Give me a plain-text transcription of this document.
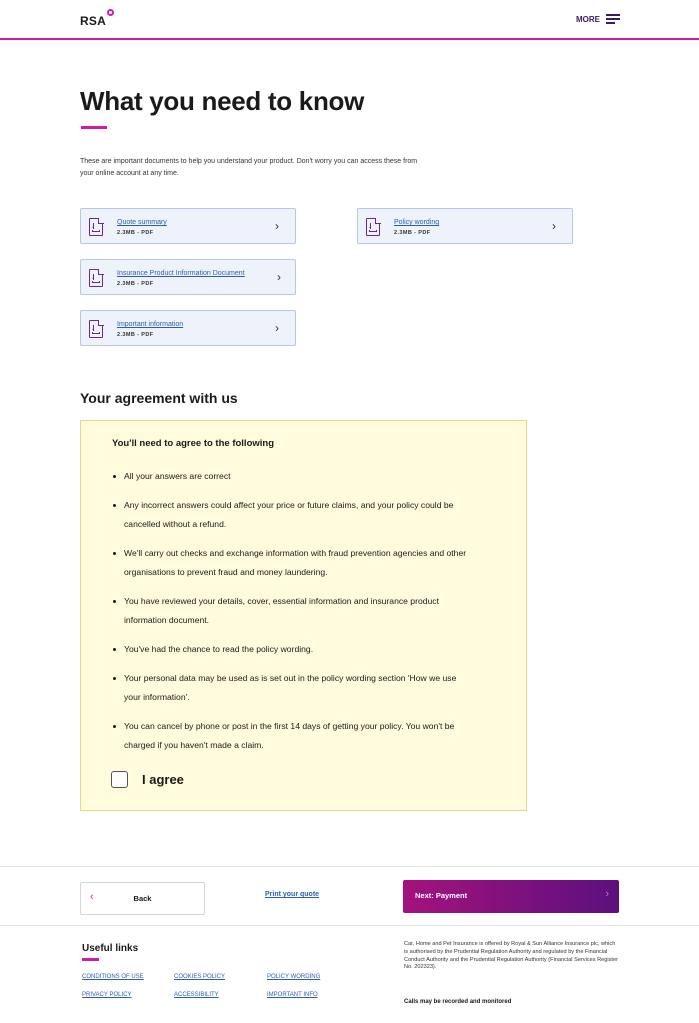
RSA	MORE
What you need to know

These are important documents to help you understand your product. Don't worry you can access these from your online account at any time.

↓
Quote summary
2.3MB - PDF	›
↓	Policy wording
2.3MB - PDF	›
↓
Insurance Product Information Document
2.3MB - PDF	›
↓
Important information
2.3MB - PDF	›
Your agreement with us
You'll need to agree to the following
All your answers are correct
Any incorrect answers could affect your price or future claims, and your policy could be cancelled without a refund.
We'll carry out checks and exchange information with fraud prevention agencies and other organisations to prevent fraud and money laundering.
You have reviewed your details, cover, essential information and insurance product information document.
You've had the chance to read the policy wording.
Your personal data may be used as is set out in the policy wording section 'How we use your information'.
You can cancel by phone or post in the first 14 days of getting your policy. You won't be charged if you haven't made a claim.
I agree
‹	Back	Print your quote	Next: Payment	›
Useful links
CONDITIONS OF USE	COOKIES POLICY	POLICY WORDING
PRIVACY POLICY	ACCESSIBILITY	IMPORTANT INFO

Car, Home and Pet Insurance is offered by Royal & Sun Alliance Insurance plc, which is authorised by the Prudential Regulation Authority and regulated by the Financial Conduct Authority and the Prudential Regulation Authority (Financial Services Register No. 202323).

Calls may be recorded and monitored
